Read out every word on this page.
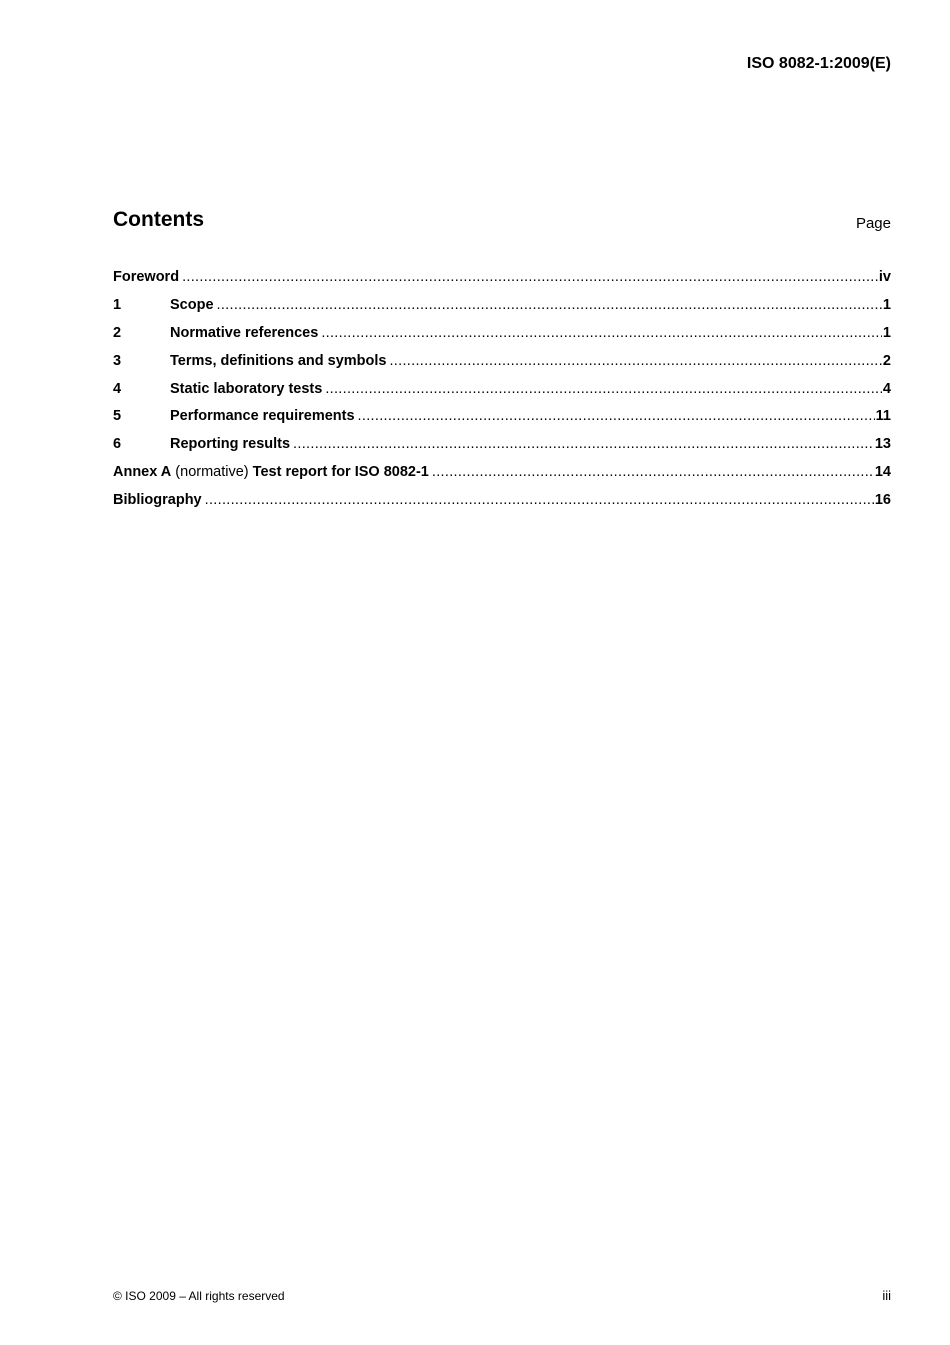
ISO 8082-1:2009(E)
Contents	Page
Foreword .....	iv
1	Scope .....	1
2	Normative references .....	1
3	Terms, definitions and symbols .....	2
4	Static laboratory tests .....	4
5	Performance requirements .....	11
6	Reporting results .....	13
Annex A (normative) Test report for ISO 8082-1 .....	14
Bibliography .....	16
© ISO 2009 – All rights reserved	iii
